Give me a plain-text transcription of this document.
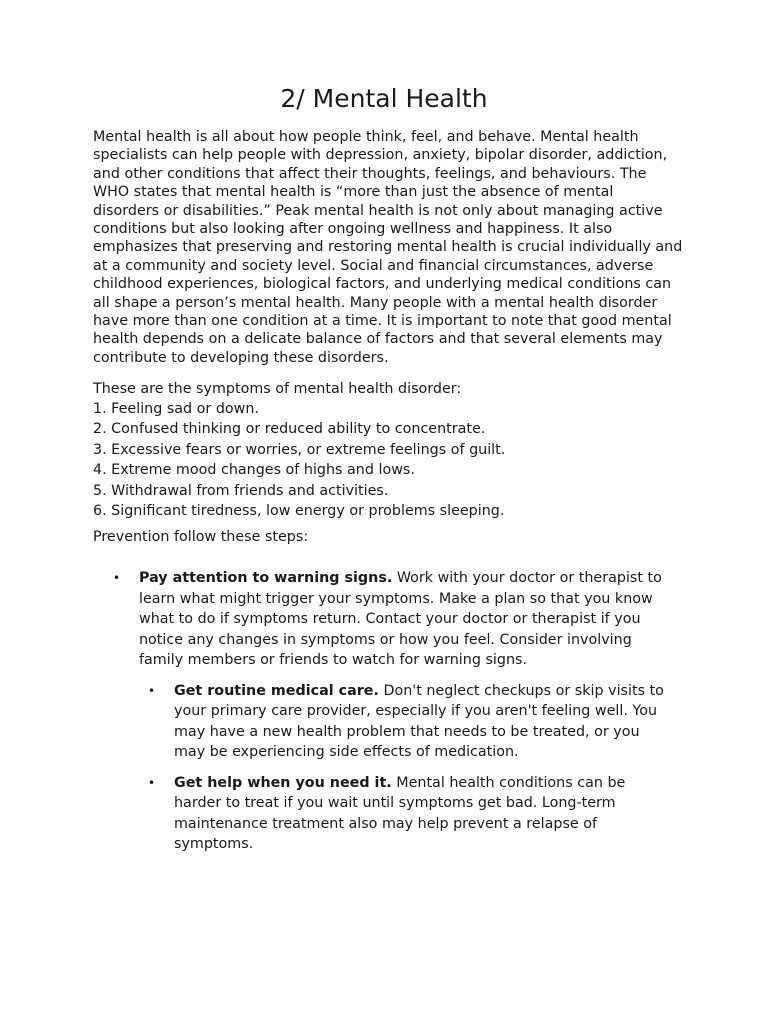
2/ Mental Health

Mental health is all about how people think, feel, and behave. Mental health specialists can help people with depression, anxiety, bipolar disorder, addiction, and other conditions that affect their thoughts, feelings, and behaviours. The WHO states that mental health is “more than just the absence of mental disorders or disabilities.” Peak mental health is not only about managing active conditions but also looking after ongoing wellness and happiness. It also emphasizes that preserving and restoring mental health is crucial individually and at a community and society level. Social and financial circumstances, adverse childhood experiences, biological factors, and underlying medical conditions can all shape a person’s mental health. Many people with a mental health disorder have more than one condition at a time. It is important to note that good mental health depends on a delicate balance of factors and that several elements may contribute to developing these disorders.

These are the symptoms of mental health disorder:

1. Feeling sad or down.
2. Confused thinking or reduced ability to concentrate.
3. Excessive fears or worries, or extreme feelings of guilt.
4. Extreme mood changes of highs and lows.
5. Withdrawal from friends and activities.
6. Significant tiredness, low energy or problems sleeping.

Prevention follow these steps:

• Pay attention to warning signs. Work with your doctor or therapist to learn what might trigger your symptoms. Make a plan so that you know what to do if symptoms return. Contact your doctor or therapist if you notice any changes in symptoms or how you feel. Consider involving family members or friends to watch for warning signs.
• Get routine medical care. Don't neglect checkups or skip visits to your primary care provider, especially if you aren't feeling well. You may have a new health problem that needs to be treated, or you may be experiencing side effects of medication.
• Get help when you need it. Mental health conditions can be harder to treat if you wait until symptoms get bad. Long-term maintenance treatment also may help prevent a relapse of symptoms.
